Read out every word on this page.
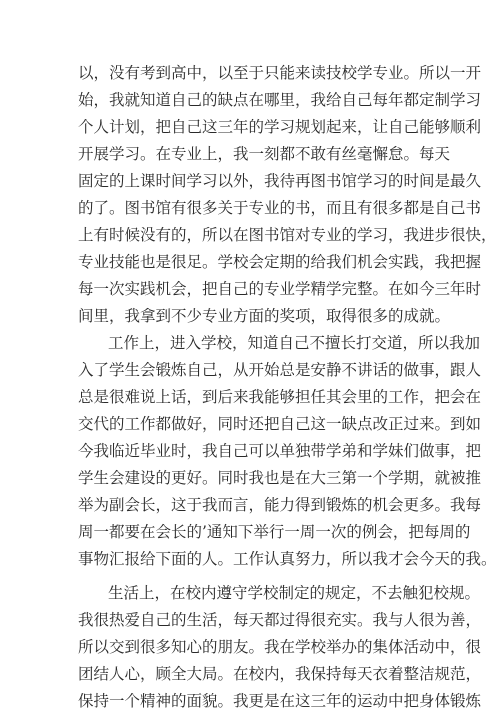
以，没有考到高中，以至于只能来读技校学专业。所以一开
始，我就知道自己的缺点在哪里，我给自己每年都定制学习
个人计划，把自己这三年的学习规划起来，让自己能够顺利
开展学习。在专业上，我一刻都不敢有丝毫懈怠。每天
固定的上课时间学习以外，我待再图书馆学习的时间是最久
的了。图书馆有很多关于专业的书，而且有很多都是自己书
上有时候没有的，所以在图书馆对专业的学习，我进步很快，
专业技能也是很足。学校会定期的给我们机会实践，我把握
每一次实践机会，把自己的专业学精学完整。在如今三年时
间里，我拿到不少专业方面的奖项，取得很多的成就。
工作上，进入学校，知道自己不擅长打交道，所以我加
入了学生会锻炼自己，从开始总是安静不讲话的做事，跟人
总是很难说上话，到后来我能够担任其会里的工作，把会在
交代的工作都做好，同时还把自己这一缺点改正过来。到如
今我临近毕业时，我自己可以单独带学弟和学妹们做事，把
学生会建设的更好。同时我也是在大三第一个学期，就被推
举为副会长，这于我而言，能力得到锻炼的机会更多。我每
周一都要在会长的’通知下举行一周一次的例会，把每周的
事物汇报给下面的人。工作认真努力，所以我才会今天的我。
生活上，在校内遵守学校制定的规定，不去触犯校规。
我很热爱自己的生活，每天都过得很充实。我与人很为善，
所以交到很多知心的朋友。我在学校举办的集体活动中，很
团结人心，顾全大局。在校内，我保持每天衣着整洁规范，
保持一个精神的面貌。我更是在这三年的运动中把身体锻炼
